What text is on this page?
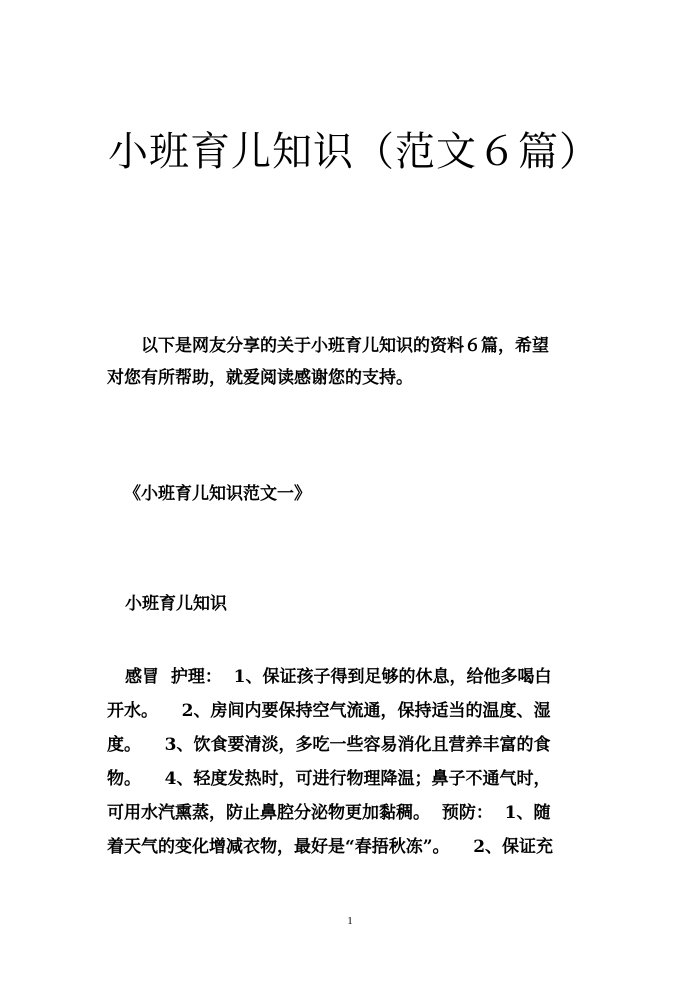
小班育儿知识（范文６篇）
以下是网友分享的关于小班育儿知识的资料６篇，希望
对您有所帮助，就爱阅读感谢您的支持。
《小班育儿知识范文一》
小班育儿知识
感冒  护理：  1、保证孩子得到足够的休息，给他多喝白
开水。    2、房间内要保持空气流通，保持适当的温度、湿
度。    3、饮食要清淡，多吃一些容易消化且营养丰富的食
物。    4、轻度发热时，可进行物理降温；鼻子不通气时，
可用水汽熏蒸，防止鼻腔分泌物更加黏稠。  预防：  1、随
着天气的变化增减衣物，最好是“春捂秋冻”。    2、保证充
1
